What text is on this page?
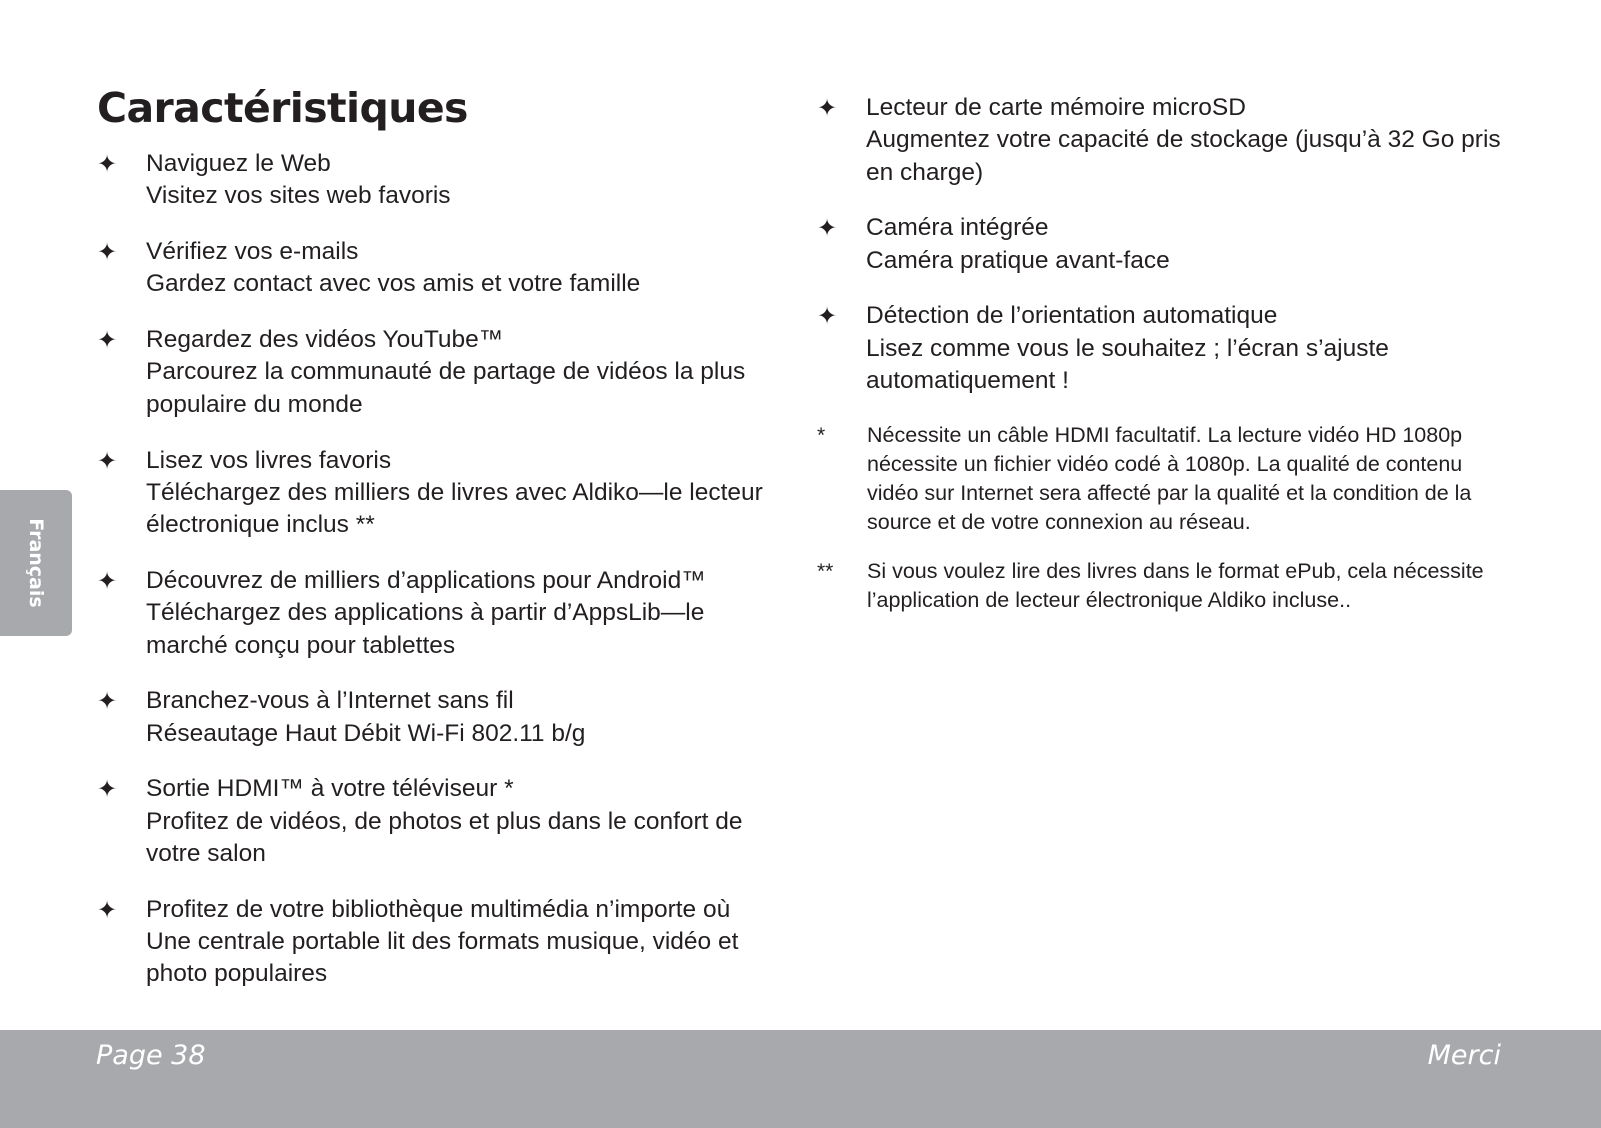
Caractéristiques
✦ Naviguez le Web
Visitez vos sites web favoris
✦ Vérifiez vos e-mails
Gardez contact avec vos amis et votre famille
✦ Regardez des vidéos YouTube™
Parcourez la communauté de partage de vidéos la plus populaire du monde
✦ Lisez vos livres favoris
Téléchargez des milliers de livres avec Aldiko—le lecteur électronique inclus **
✦ Découvrez de milliers d’applications pour Android™
Téléchargez des applications à partir d’AppsLib—le marché conçu pour tablettes
✦ Branchez-vous à l’Internet sans fil
Réseautage Haut Débit Wi-Fi 802.11 b/g
✦ Sortie HDMI™ à votre téléviseur *
Profitez de vidéos, de photos et plus dans le confort de votre salon
✦ Profitez de votre bibliothèque multimédia n’importe où
Une centrale portable lit des formats musique, vidéo et photo populaires
✦ Lecteur de carte mémoire microSD
Augmentez votre capacité de stockage (jusqu’à 32 Go pris en charge)
✦ Caméra intégrée
Caméra pratique avant-face
✦ Détection de l’orientation automatique
Lisez comme vous le souhaitez ; l’écran s’ajuste automatiquement !
* Nécessite un câble HDMI facultatif. La lecture vidéo HD 1080p nécessite un fichier vidéo codé à 1080p. La qualité de contenu vidéo sur Internet sera affecté par la qualité et la condition de la source et de votre connexion au réseau.
** Si vous voulez lire des livres dans le format ePub, cela nécessite l’application de lecteur électronique Aldiko incluse..
Français
Page 38	Merci
